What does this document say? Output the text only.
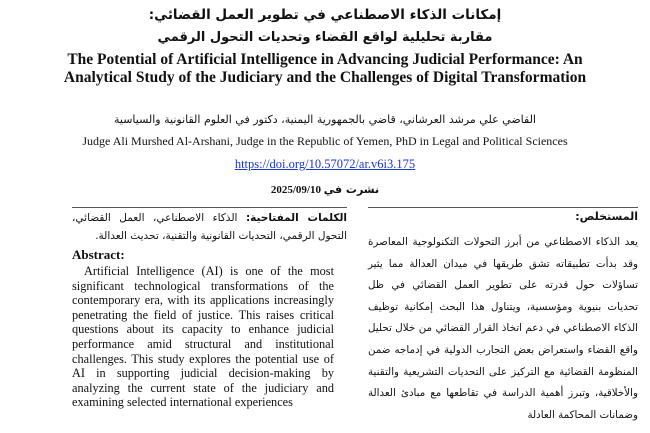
إمكانات الذكاء الاصطناعي في تطوير العمل القضائي:
مقاربة تحليلية لواقع القضاء وتحديات التحول الرقمي
The Potential of Artificial Intelligence in Advancing Judicial Performance: An Analytical Study of the Judiciary and the Challenges of Digital Transformation
القاضي علي مرشد العرشاني، قاضي بالجمهورية اليمنية، دكتور في العلوم القانونية والسياسية
Judge Ali Murshed Al-Arshani, Judge in the Republic of Yemen, PhD in Legal and Political Sciences
https://doi.org/10.57072/ar.v6i3.175
2025/09/10 نشرت في
الكلمات المفتاحية: الذكاء الاصطناعي، العمل القضائي، التحول الرقمي، التحديات القانونية والتقنية، تحديث العدالة.
Abstract:
Artificial Intelligence (AI) is one of the most significant technological transformations of the contemporary era, with its applications increasingly penetrating the field of justice. This raises critical questions about its capacity to enhance judicial performance amid structural and institutional challenges. This study explores the potential use of AI in supporting judicial decision-making by analyzing the current state of the judiciary and examining selected international experiences
المستخلص:
يعد الذكاء الاصطناعي من أبرز التحولات التكنولوجية المعاصرة وقد بدأت تطبيقاته تشق طريقها في ميدان العدالة مما يثير تساؤلات حول قدرته على تطوير العمل القضائي في ظل تحديات بنيوية ومؤسسية، ويتناول هذا البحث إمكانية توظيف الذكاء الاصطناعي في دعم اتخاذ القرار القضائي من خلال تحليل واقع القضاء واستعراض بعض التجارب الدولية في إدماجه ضمن المنظومة القضائية مع التركيز على التحديات التشريعية والتقنية والأخلاقية، وتبرز أهمية الدراسة في تقاطعها مع مبادئ العدالة وضمانات المحاكمة العادلة
